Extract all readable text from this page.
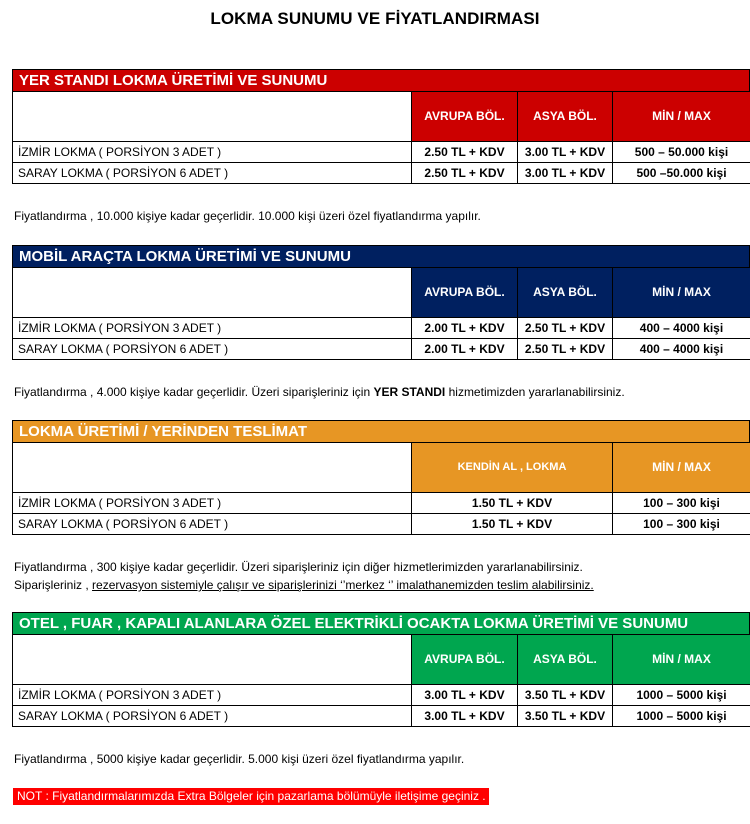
LOKMA SUNUMU VE FİYATLANDIRMASI
YER STANDI LOKMA ÜRETİMİ VE SUNUMU
	AVRUPA BÖL.	ASYA BÖL.	MİN / MAX
İZMİR LOKMA ( PORSİYON 3 ADET )	2.50 TL + KDV	3.00 TL + KDV	500 – 50.000 kişi
SARAY LOKMA ( PORSİYON 6 ADET )	2.50 TL + KDV	3.00 TL + KDV	500 –50.000 kişi
Fiyatlandırma , 10.000 kişiye kadar geçerlidir. 10.000 kişi üzeri özel fiyatlandırma yapılır.
MOBİL ARAÇTA LOKMA ÜRETİMİ VE SUNUMU
	AVRUPA BÖL.	ASYA BÖL.	MİN / MAX
İZMİR LOKMA ( PORSİYON 3 ADET )	2.00 TL + KDV	2.50 TL + KDV	400 – 4000 kişi
SARAY LOKMA ( PORSİYON 6 ADET )	2.00 TL + KDV	2.50 TL + KDV	400 – 4000 kişi
Fiyatlandırma , 4.000 kişiye kadar geçerlidir. Üzeri siparişleriniz için YER STANDI hizmetimizden yararlanabilirsiniz.
LOKMA ÜRETİMİ / YERİNDEN TESLİMAT
	KENDİN AL , LOKMA	MİN / MAX
İZMİR LOKMA ( PORSİYON 3 ADET )	1.50 TL + KDV	100 – 300 kişi
SARAY LOKMA ( PORSİYON 6 ADET )	1.50 TL + KDV	100 – 300 kişi
Fiyatlandırma , 300 kişiye kadar geçerlidir. Üzeri siparişleriniz için diğer hizmetlerimizden yararlanabilirsiniz.
Siparişleriniz , rezervasyon sistemiyle çalışır ve siparişlerinizi ‘’merkez ‘’ imalathanemizden teslim alabilirsiniz.
OTEL , FUAR , KAPALI ALANLARA ÖZEL ELEKTRİKLİ OCAKTA LOKMA ÜRETİMİ VE SUNUMU
	AVRUPA BÖL.	ASYA BÖL.	MİN / MAX
İZMİR LOKMA ( PORSİYON 3 ADET )	3.00 TL + KDV	3.50 TL + KDV	1000 – 5000 kişi
SARAY LOKMA ( PORSİYON 6 ADET )	3.00 TL + KDV	3.50 TL + KDV	1000 – 5000 kişi
Fiyatlandırma , 5000 kişiye kadar geçerlidir. 5.000 kişi üzeri özel fiyatlandırma yapılır.
NOT : Fiyatlandırmalarımızda Extra Bölgeler için pazarlama bölümüyle iletişime geçiniz .
